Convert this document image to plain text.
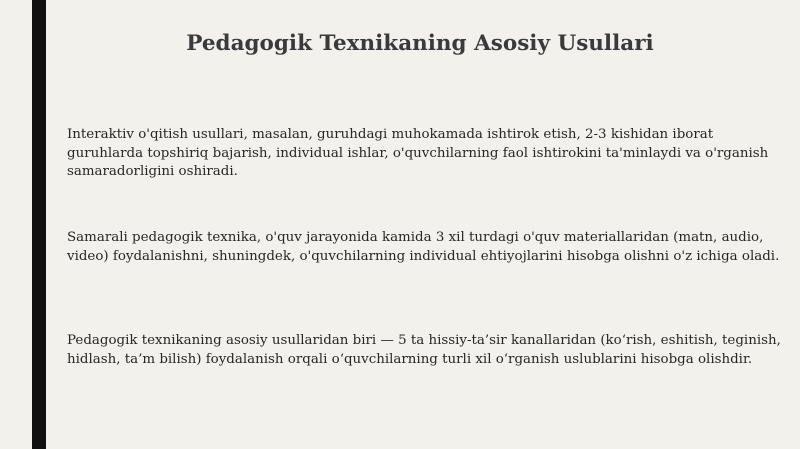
Pedagogik Texnikaning Asosiy Usullari

Interaktiv o'qitish usullari, masalan, guruhdagi muhokamada ishtirok etish, 2-3 kishidan iborat guruhlarda topshiriq bajarish, individual ishlar, o'quvchilarning faol ishtirokini ta'minlaydi va o'rganish samaradorligini oshiradi.

Samarali pedagogik texnika, o'quv jarayonida kamida 3 xil turdagi o'quv materiallaridan (matn, audio, video) foydalanishni, shuningdek, o'quvchilarning individual ehtiyojlarini hisobga olishni o'z ichiga oladi.

Pedagogik texnikaning asosiy usullaridan biri — 5 ta hissiy-ta’sir kanallaridan (ko‘rish, eshitish, teginish, hidlash, ta’m bilish) foydalanish orqali o‘quvchilarning turli xil o‘rganish uslublarini hisobga olishdir.
